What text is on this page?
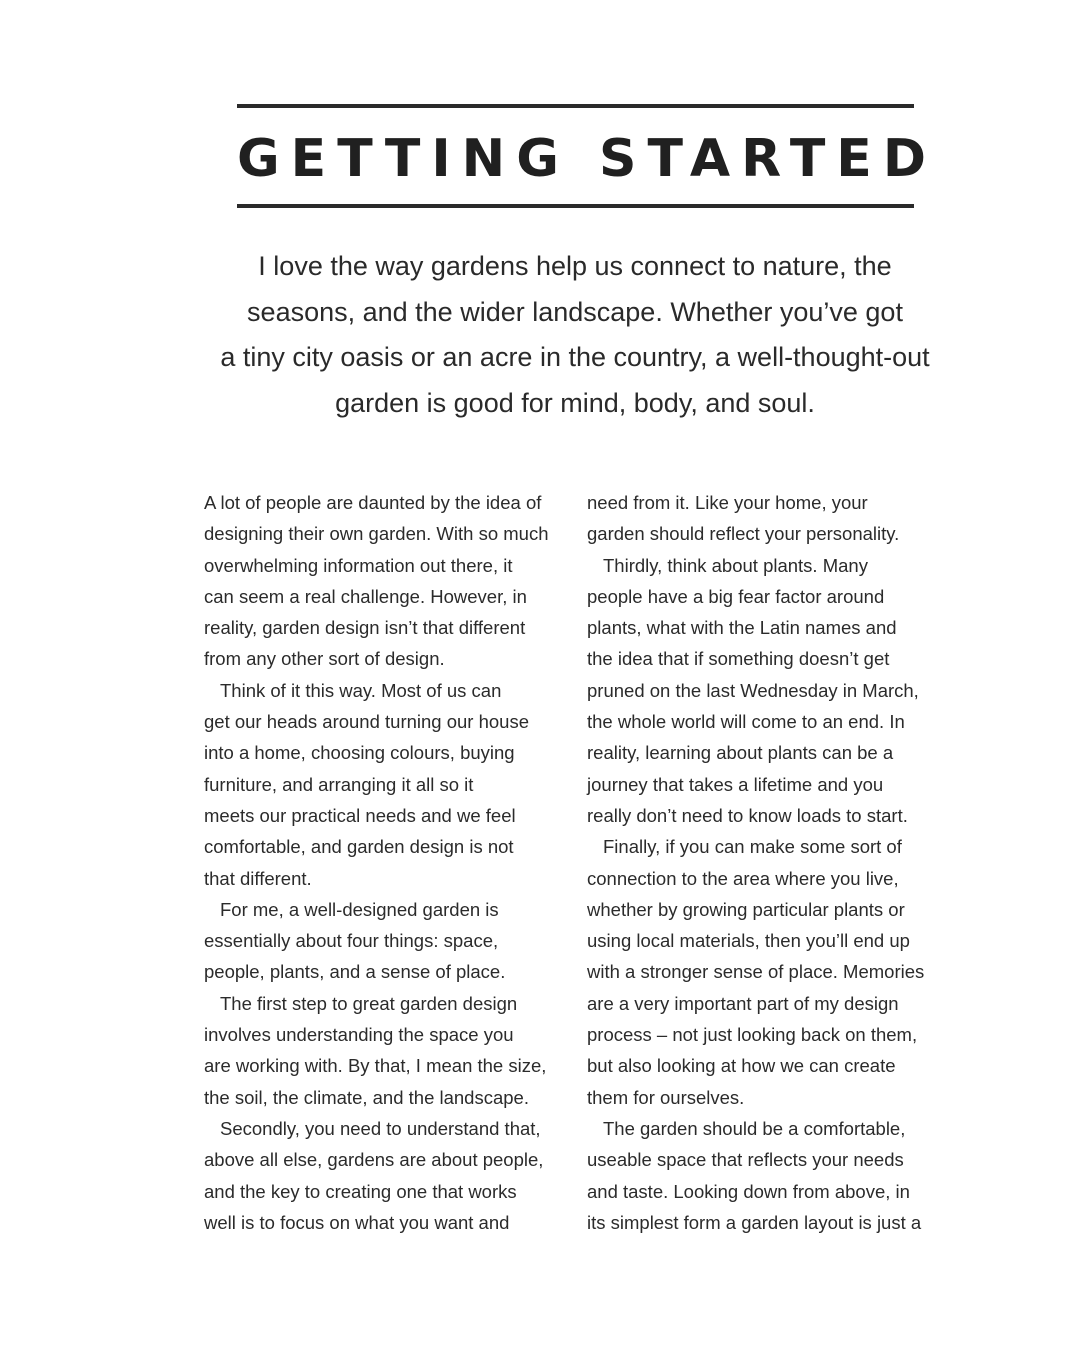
GETTING STARTED
I love the way gardens help us connect to nature, the
seasons, and the wider landscape. Whether you’ve got
a tiny city oasis or an acre in the country, a well-thought-out
garden is good for mind, body, and soul.
A lot of people are daunted by the idea of
designing their own garden. With so much
overwhelming information out there, it
can seem a real challenge. However, in
reality, garden design isn’t that different
from any other sort of design.
Think of it this way. Most of us can
get our heads around turning our house
into a home, choosing colours, buying
furniture, and arranging it all so it
meets our practical needs and we feel
comfortable, and garden design is not
that different.
For me, a well-designed garden is
essentially about four things: space,
people, plants, and a sense of place.
The first step to great garden design
involves understanding the space you
are working with. By that, I mean the size,
the soil, the climate, and the landscape.
Secondly, you need to understand that,
above all else, gardens are about people,
and the key to creating one that works
well is to focus on what you want and
need from it. Like your home, your
garden should reflect your personality.
Thirdly, think about plants. Many
people have a big fear factor around
plants, what with the Latin names and
the idea that if something doesn’t get
pruned on the last Wednesday in March,
the whole world will come to an end. In
reality, learning about plants can be a
journey that takes a lifetime and you
really don’t need to know loads to start.
Finally, if you can make some sort of
connection to the area where you live,
whether by growing particular plants or
using local materials, then you’ll end up
with a stronger sense of place. Memories
are a very important part of my design
process – not just looking back on them,
but also looking at how we can create
them for ourselves.
The garden should be a comfortable,
useable space that reflects your needs
and taste. Looking down from above, in
its simplest form a garden layout is just a
